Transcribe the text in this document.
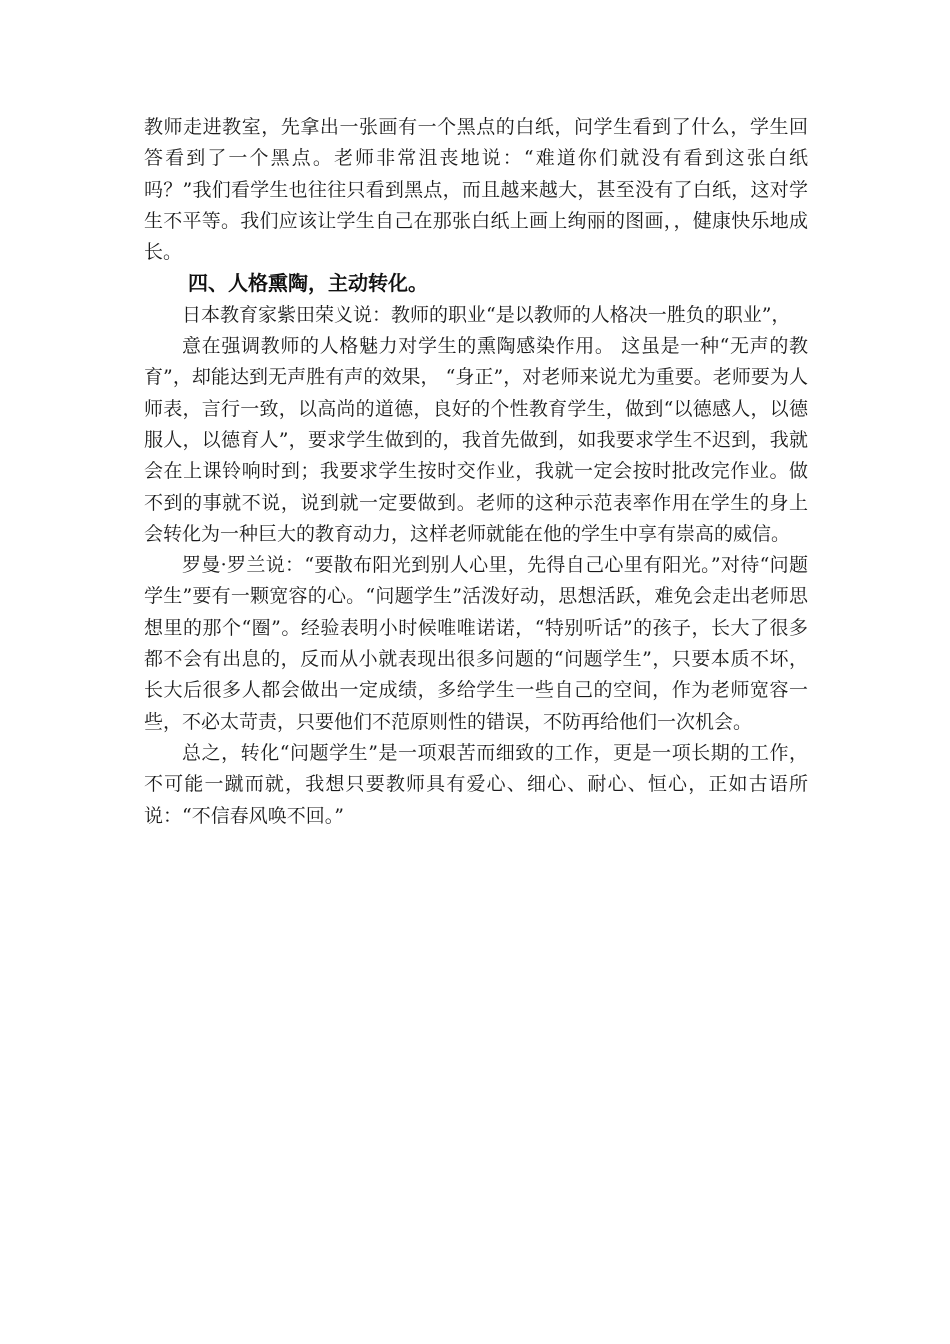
教师走进教室，先拿出一张画有一个黑点的白纸，问学生看到了什么，学生回答看到了一个黑点。老师非常沮丧地说：“难道你们就没有看到这张白纸吗？”我们看学生也往往只看到黑点，而且越来越大，甚至没有了白纸，这对学生不平等。我们应该让学生自己在那张白纸上画上绚丽的图画，，健康快乐地成长。

四、人格熏陶，主动转化。

日本教育家紫田荣义说：教师的职业“是以教师的人格决一胜负的职业”，

意在强调教师的人格魅力对学生的熏陶感染作用。 这虽是一种“无声的教育”，却能达到无声胜有声的效果， “身正”，对老师来说尤为重要。老师要为人师表，言行一致，以高尚的道德，良好的个性教育学生，做到“以德感人，以德服人，以德育人”，要求学生做到的，我首先做到，如我要求学生不迟到，我就会在上课铃响时到；我要求学生按时交作业，我就一定会按时批改完作业。做不到的事就不说，说到就一定要做到。老师的这种示范表率作用在学生的身上会转化为一种巨大的教育动力，这样老师就能在他的学生中享有崇高的威信。

罗曼·罗兰说：“要散布阳光到别人心里，先得自己心里有阳光。”对待“问题学生”要有一颗宽容的心。“问题学生”活泼好动，思想活跃，难免会走出老师思想里的那个“圈”。经验表明小时候唯唯诺诺，“特别听话”的孩子，长大了很多都不会有出息的，反而从小就表现出很多问题的“问题学生”，只要本质不坏，长大后很多人都会做出一定成绩，多给学生一些自己的空间，作为老师宽容一些，不必太苛责，只要他们不范原则性的错误，不防再给他们一次机会。

总之，转化“问题学生”是一项艰苦而细致的工作，更是一项长期的工作，不可能一蹴而就，我想只要教师具有爱心、细心、耐心、恒心，正如古语所说：“不信春风唤不回。”
